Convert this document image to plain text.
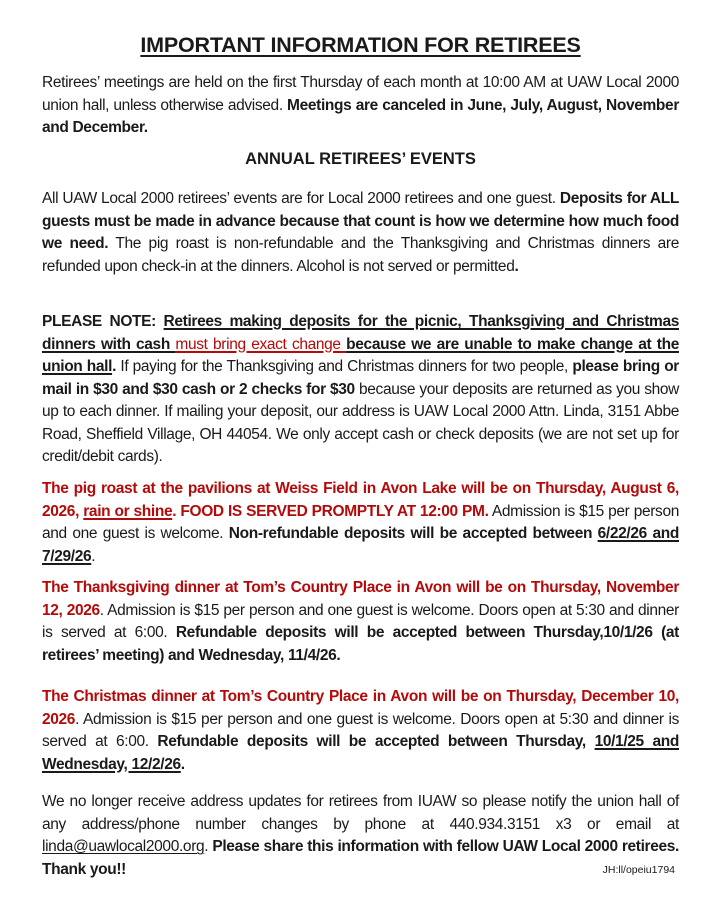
IMPORTANT INFORMATION FOR RETIREES

Retirees’ meetings are held on the first Thursday of each month at 10:00 AM at UAW Local 2000 union hall, unless otherwise advised. Meetings are canceled in June, July, August, November and December.

ANNUAL RETIREES’ EVENTS

All UAW Local 2000 retirees’ events are for Local 2000 retirees and one guest. Deposits for ALL guests must be made in advance because that count is how we determine how much food we need. The pig roast is non-refundable and the Thanksgiving and Christmas dinners are refunded upon check-in at the dinners. Alcohol is not served or permitted.

PLEASE NOTE: Retirees making deposits for the picnic, Thanksgiving and Christmas dinners with cash must bring exact change because we are unable to make change at the union hall. If paying for the Thanksgiving and Christmas dinners for two people, please bring or mail in $30 and $30 cash or 2 checks for $30 because your deposits are returned as you show up to each dinner. If mailing your deposit, our address is UAW Local 2000 Attn. Linda, 3151 Abbe Road, Sheffield Village, OH 44054. We only accept cash or check deposits (we are not set up for credit/debit cards).

The pig roast at the pavilions at Weiss Field in Avon Lake will be on Thursday, August 6, 2026, rain or shine. FOOD IS SERVED PROMPTLY AT 12:00 PM. Admission is $15 per person and one guest is welcome. Non-refundable deposits will be accepted between 6/22/26 and 7/29/26.

The Thanksgiving dinner at Tom’s Country Place in Avon will be on Thursday, November 12, 2026. Admission is $15 per person and one guest is welcome. Doors open at 5:30 and dinner is served at 6:00. Refundable deposits will be accepted between Thursday,10/1/26 (at retirees’ meeting) and Wednesday, 11/4/26.

The Christmas dinner at Tom’s Country Place in Avon will be on Thursday, December 10, 2026. Admission is $15 per person and one guest is welcome. Doors open at 5:30 and dinner is served at 6:00. Refundable deposits will be accepted between Thursday, 10/1/25 and Wednesday, 12/2/26.

We no longer receive address updates for retirees from IUAW so please notify the union hall of any address/phone number changes by phone at 440.934.3151 x3 or email at linda@uawlocal2000.org. Please share this information with fellow UAW Local 2000 retirees. Thank you!!	JH:ll/opeiu1794
